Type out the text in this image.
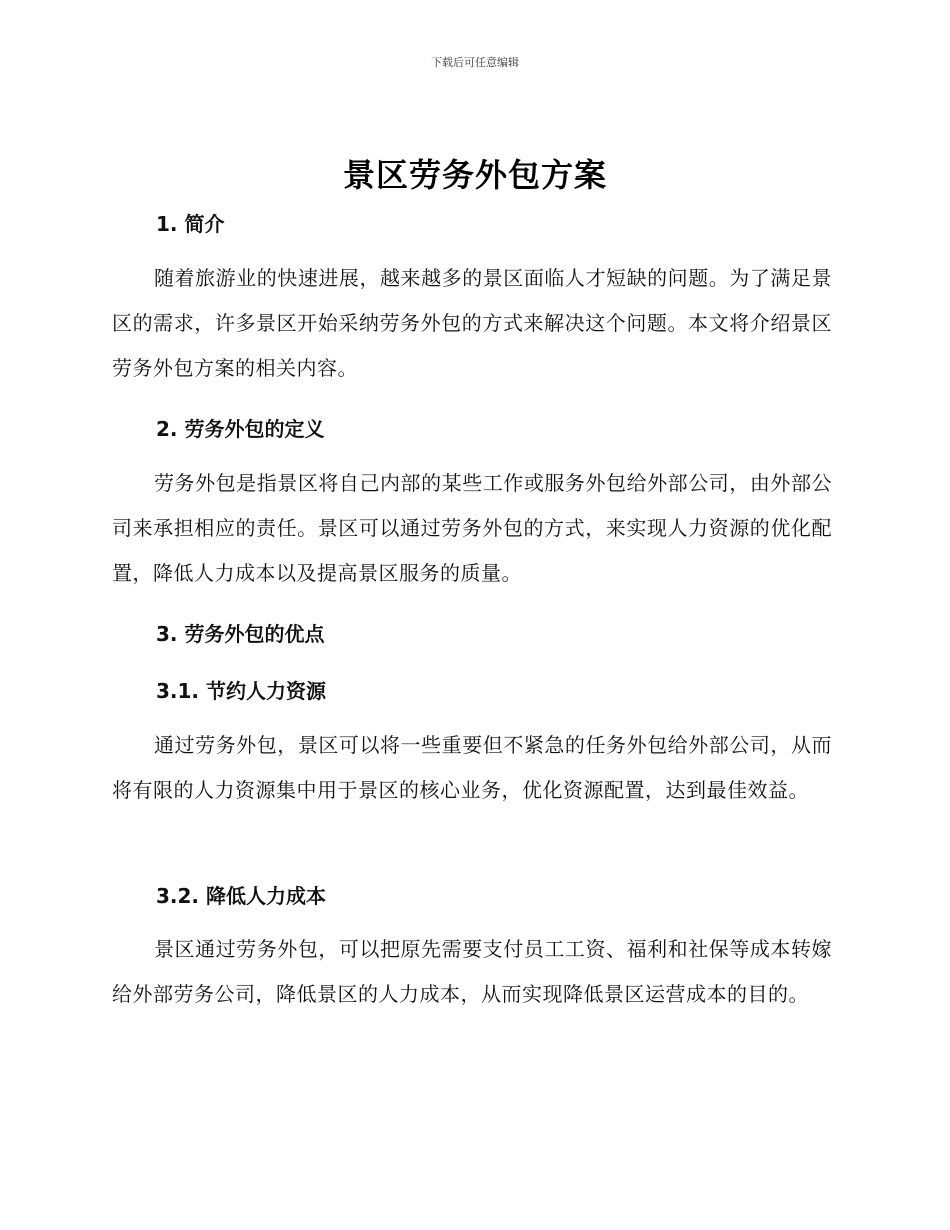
下载后可任意编辑
景区劳务外包方案
1. 简介
随着旅游业的快速进展，越来越多的景区面临人才短缺的问题。为了满足景区的需求，许多景区开始采纳劳务外包的方式来解决这个问题。本文将介绍景区劳务外包方案的相关内容。
2. 劳务外包的定义
劳务外包是指景区将自己内部的某些工作或服务外包给外部公司，由外部公司来承担相应的责任。景区可以通过劳务外包的方式，来实现人力资源的优化配置，降低人力成本以及提高景区服务的质量。
3. 劳务外包的优点
3.1. 节约人力资源
通过劳务外包，景区可以将一些重要但不紧急的任务外包给外部公司，从而将有限的人力资源集中用于景区的核心业务，优化资源配置，达到最佳效益。
3.2. 降低人力成本
景区通过劳务外包，可以把原先需要支付员工工资、福利和社保等成本转嫁给外部劳务公司，降低景区的人力成本，从而实现降低景区运营成本的目的。
